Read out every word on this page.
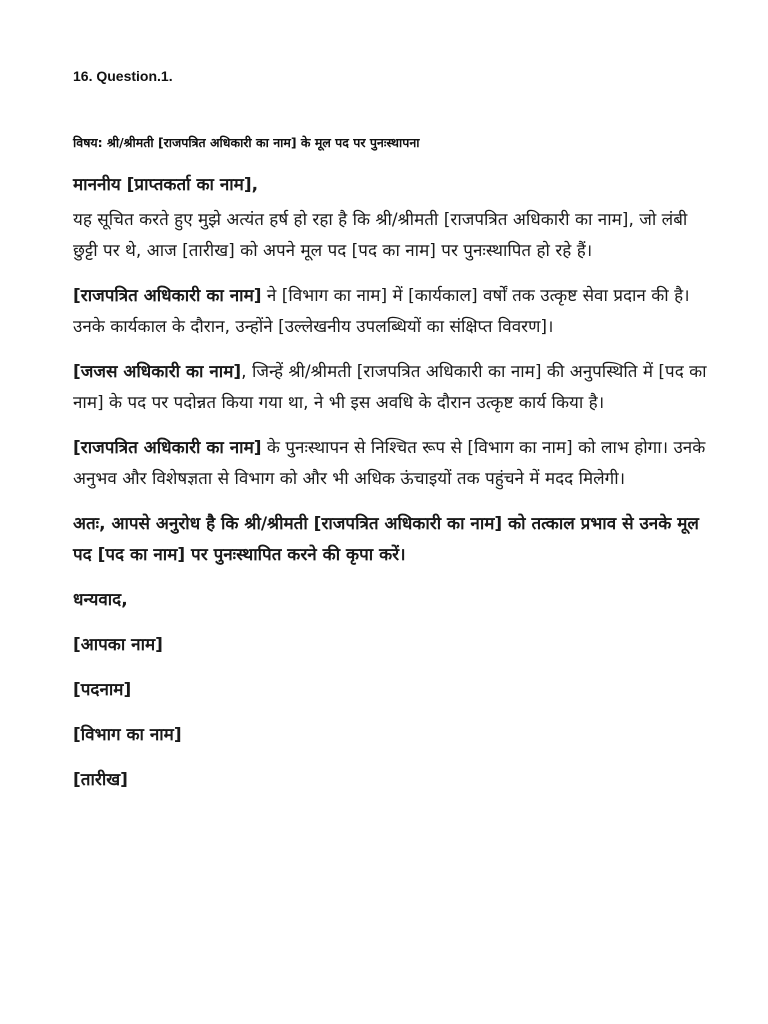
16. Question.1.
विषय: श्री/श्रीमती [राजपत्रित अधिकारी का नाम] के मूल पद पर पुनःस्थापना
माननीय [प्राप्तकर्ता का नाम],

यह सूचित करते हुए मुझे अत्यंत हर्ष हो रहा है कि श्री/श्रीमती [राजपत्रित अधिकारी का नाम], जो लंबी छुट्टी पर थे, आज [तारीख] को अपने मूल पद [पद का नाम] पर पुनःस्थापित हो रहे हैं।

[राजपत्रित अधिकारी का नाम] ने [विभाग का नाम] में [कार्यकाल] वर्षों तक उत्कृष्ट सेवा प्रदान की है। उनके कार्यकाल के दौरान, उन्होंने [उल्लेखनीय उपलब्धियों का संक्षिप्त विवरण]।

[जजस अधिकारी का नाम], जिन्हें श्री/श्रीमती [राजपत्रित अधिकारी का नाम] की अनुपस्थिति में [पद का नाम] के पद पर पदोन्नत किया गया था, ने भी इस अवधि के दौरान उत्कृष्ट कार्य किया है।

[राजपत्रित अधिकारी का नाम] के पुनःस्थापन से निश्चित रूप से [विभाग का नाम] को लाभ होगा। उनके अनुभव और विशेषज्ञता से विभाग को और भी अधिक ऊंचाइयों तक पहुंचने में मदद मिलेगी।

अतः, आपसे अनुरोध है कि श्री/श्रीमती [राजपत्रित अधिकारी का नाम] को तत्काल प्रभाव से उनके मूल पद [पद का नाम] पर पुनःस्थापित करने की कृपा करें।

धन्यवाद,

[आपका नाम]

[पदनाम]

[विभाग का नाम]

[तारीख]
